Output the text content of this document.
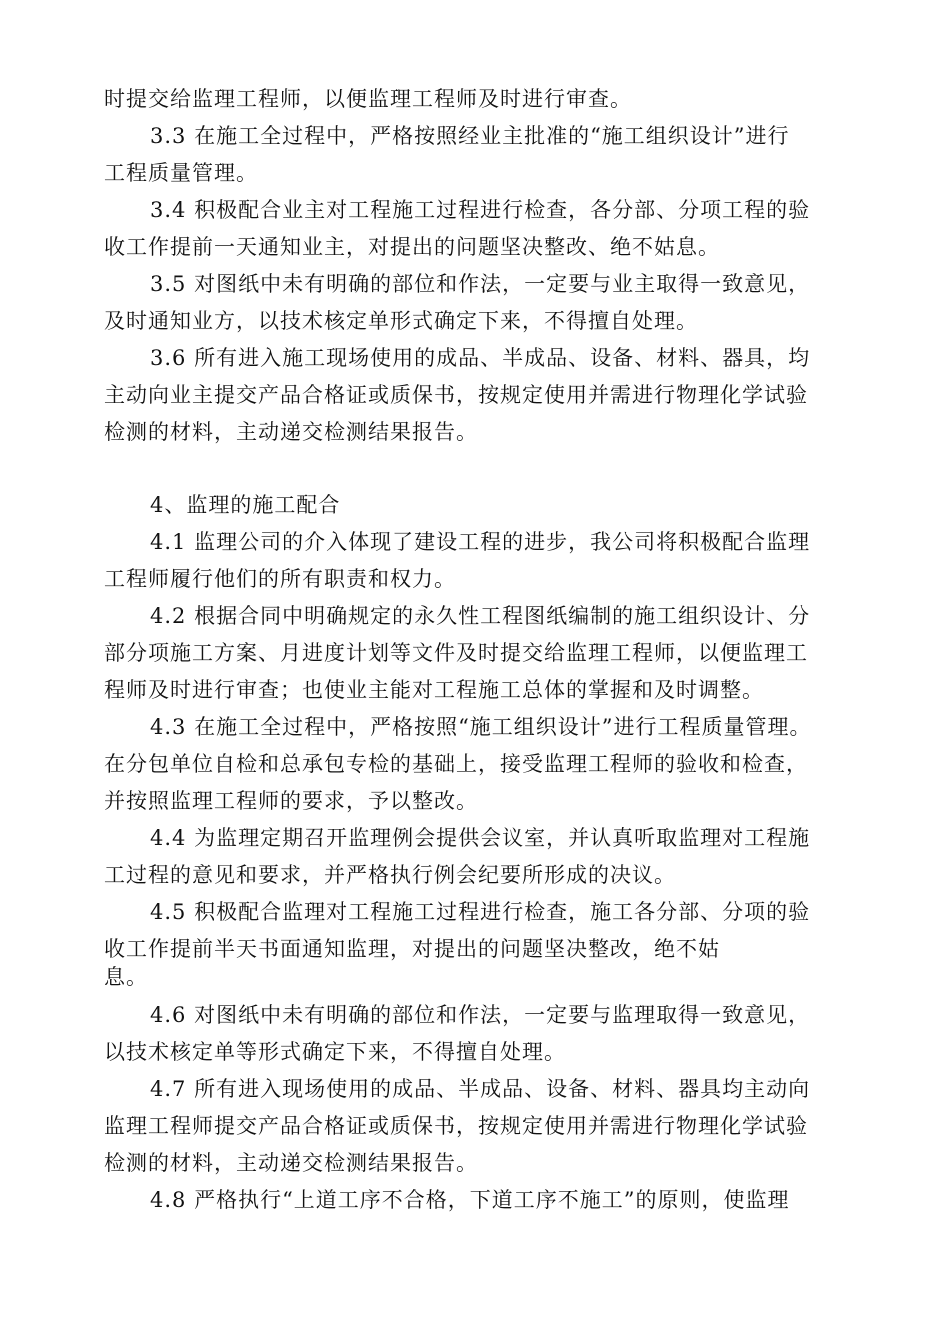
时提交给监理工程师，以便监理工程师及时进行审查。
3.3 在施工全过程中，严格按照经业主批准的“施工组织设计”进行
工程质量管理。
3.4 积极配合业主对工程施工过程进行检查，各分部、分项工程的验
收工作提前一天通知业主，对提出的问题坚决整改、绝不姑息。
3.5 对图纸中未有明确的部位和作法，一定要与业主取得一致意见，
及时通知业方，以技术核定单形式确定下来，不得擅自处理。
3.6 所有进入施工现场使用的成品、半成品、设备、材料、器具，均
主动向业主提交产品合格证或质保书，按规定使用并需进行物理化学试验
检测的材料，主动递交检测结果报告。
4、监理的施工配合
4.1 监理公司的介入体现了建设工程的进步，我公司将积极配合监理
工程师履行他们的所有职责和权力。
4.2 根据合同中明确规定的永久性工程图纸编制的施工组织设计、分
部分项施工方案、月进度计划等文件及时提交给监理工程师，以便监理工
程师及时进行审查；也使业主能对工程施工总体的掌握和及时调整。
4.3 在施工全过程中，严格按照“施工组织设计”进行工程质量管理。
在分包单位自检和总承包专检的基础上，接受监理工程师的验收和检查，
并按照监理工程师的要求，予以整改。
4.4 为监理定期召开监理例会提供会议室，并认真听取监理对工程施
工过程的意见和要求，并严格执行例会纪要所形成的决议。
4.5 积极配合监理对工程施工过程进行检查，施工各分部、分项的验
收工作提前半天书面通知监理，对提出的问题坚决整改，绝不姑
息。
4.6 对图纸中未有明确的部位和作法，一定要与监理取得一致意见，
以技术核定单等形式确定下来，不得擅自处理。
4.7 所有进入现场使用的成品、半成品、设备、材料、器具均主动向
监理工程师提交产品合格证或质保书，按规定使用并需进行物理化学试验
检测的材料，主动递交检测结果报告。
4.8 严格执行“上道工序不合格，下道工序不施工”的原则，使监理
